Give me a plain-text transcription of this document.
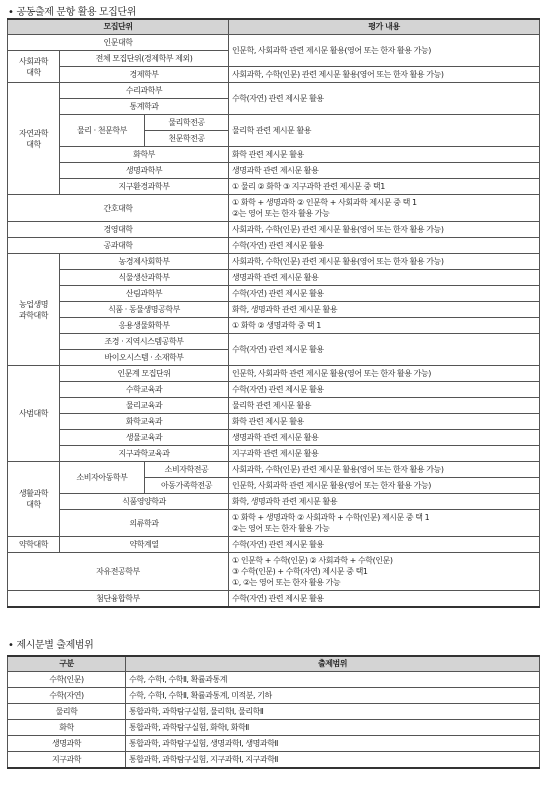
• 공동출제 문항 활용 모집단위
모집단위			평가 내용
인문대학			인문학, 사회과학 관련 제시문 활용(영어 또는 한자 활용 가능)
사회과학
대학	전체 모집단위(경제학부 제외)		
	경제학부		사회과학, 수학(인문) 관련 제시문 활용(영어 또는 한자 활용 가능)
자연과학
대학	수리과학부		수학(자연) 관련 제시문 활용
	통계학과		
	물리 · 천문학부	물리학전공	물리학 관련 제시문 활용
		천문학전공	
	화학부		화학 관련 제시문 활용
	생명과학부		생명과학 관련 제시문 활용
	지구환경과학부		① 물리 ② 화학 ③ 지구과학 관련 제시문 중 택1
간호대학			① 화학 + 생명과학 ② 인문학 + 사회과학 제시문 중 택 1
②는 영어 또는 한자 활용 가능

경영대학			사회과학, 수학(인문) 관련 제시문 활용(영어 또는 한자 활용 가능)
공과대학			수학(자연) 관련 제시문 활용
농업생명
과학대학	농경제사회학부		사회과학, 수학(인문) 관련 제시문 활용(영어 또는 한자 활용 가능)
	식물생산과학부		생명과학 관련 제시문 활용
	산림과학부		수학(자연) 관련 제시문 활용
	식품 · 동물생명공학부		화학, 생명과학 관련 제시문 활용
	응용생물화학부		① 화학 ② 생명과학 중 택 1
	조경 · 지역시스템공학부		수학(자연) 관련 제시문 활용
	바이오시스템 · 소재학부		
사범대학	인문계 모집단위		인문학, 사회과학 관련 제시문 활용(영어 또는 한자 활용 가능)
	수학교육과		수학(자연) 관련 제시문 활용
	물리교육과		물리학 관련 제시문 활용
	화학교육과		화학 관련 제시문 활용
	생물교육과		생명과학 관련 제시문 활용
	지구과학교육과		지구과학 관련 제시문 활용
생활과학
대학	소비자아동학부	소비자학전공	사회과학, 수학(인문) 관련 제시문 활용(영어 또는 한자 활용 가능)
		아동가족학전공	인문학, 사회과학 관련 제시문 활용(영어 또는 한자 활용 가능)
	식품영양학과		화학, 생명과학 관련 제시문 활용
	의류학과		① 화학 + 생명과학 ② 사회과학 + 수학(인문) 제시문 중 택 1
②는 영어 또는 한자 활용 가능

약학대학	약학계열		수학(자연) 관련 제시문 활용
자유전공학부			① 인문학 + 수학(인문) ② 사회과학 + 수학(인문)
③ 수학(인문) + 수학(자연) 제시문 중 택1
①, ②는 영어 또는 한자 활용 가능

첨단융합학부			수학(자연) 관련 제시문 활용
• 제시문별 출제범위
구분	출제범위
수학(인문)	수학, 수학Ⅰ, 수학Ⅱ, 확률과통계
수학(자연)	수학, 수학Ⅰ, 수학Ⅱ, 확률과통계, 미적분, 기하
물리학	통합과학, 과학탐구실험, 물리학Ⅰ, 물리학Ⅱ
화학	통합과학, 과학탐구실험, 화학Ⅰ, 화학Ⅱ
생명과학	통합과학, 과학탐구실험, 생명과학Ⅰ, 생명과학Ⅱ
지구과학	통합과학, 과학탐구실험, 지구과학Ⅰ, 지구과학Ⅱ
